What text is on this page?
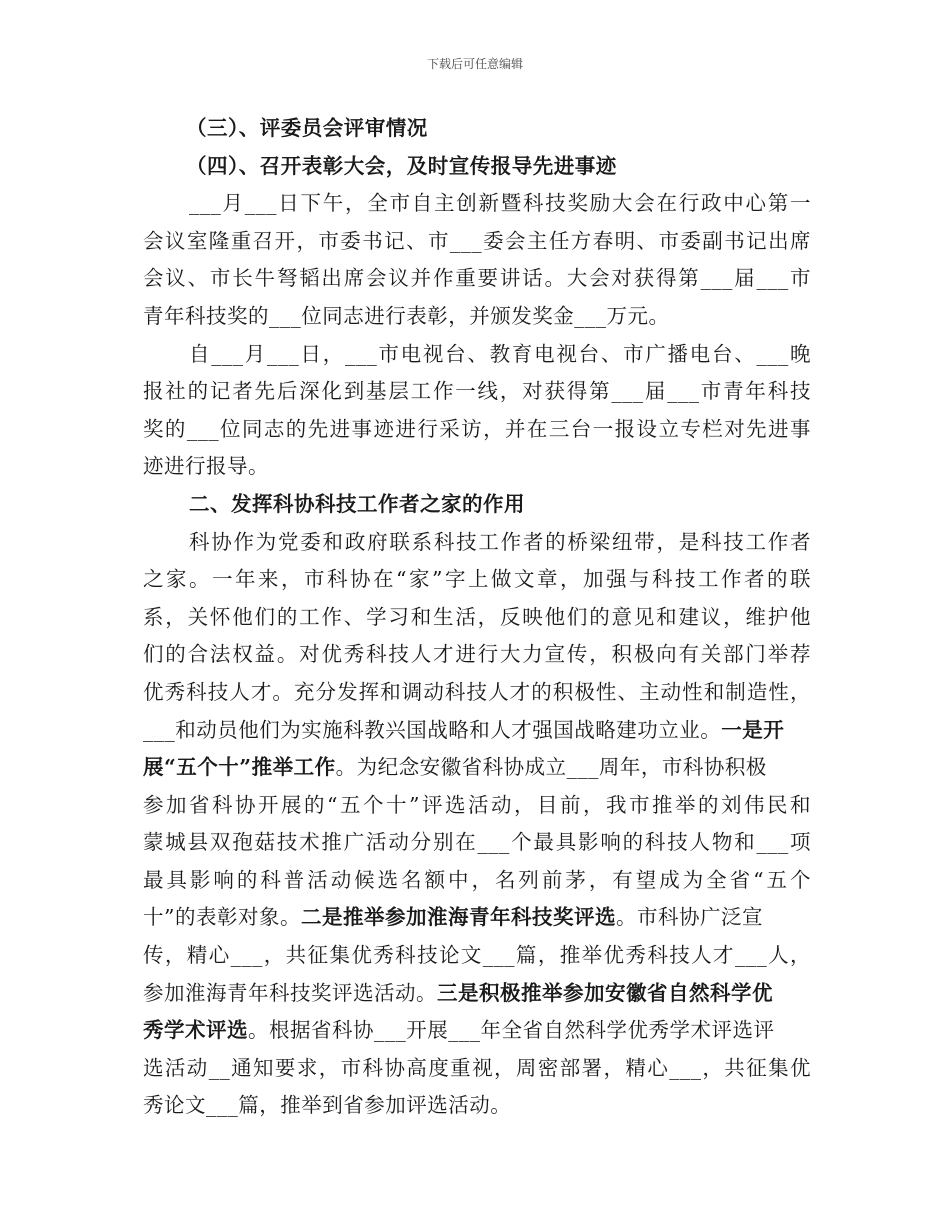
下载后可任意编辑
（三）、评委员会评审情况
（四）、召开表彰大会，及时宣传报导先进事迹
___月___日下午，全市自主创新暨科技奖励大会在行政中心第一
会议室隆重召开，市委书记、市___委会主任方春明、市委副书记出席
会议、市长牛弩韬出席会议并作重要讲话。大会对获得第___届___市
青年科技奖的___位同志进行表彰，并颁发奖金___万元。
自___月___日，___市电视台、教育电视台、市广播电台、___晚
报社的记者先后深化到基层工作一线，对获得第___届___市青年科技
奖的___位同志的先进事迹进行采访，并在三台一报设立专栏对先进事
迹进行报导。
二、发挥科协科技工作者之家的作用
科协作为党委和政府联系科技工作者的桥梁纽带，是科技工作者
之家。一年来，市科协在“家”字上做文章，加强与科技工作者的联
系，关怀他们的工作、学习和生活，反映他们的意见和建议，维护他
们的合法权益。对优秀科技人才进行大力宣传，积极向有关部门举荐
优秀科技人才。充分发挥和调动科技人才的积极性、主动性和制造性，
___和动员他们为实施科教兴国战略和人才强国战略建功立业。一是开
展“五个十”推举工作。为纪念安徽省科协成立___周年，市科协积极
参加省科协开展的“五个十”评选活动，目前，我市推举的刘伟民和
蒙城县双孢菇技术推广活动分别在___个最具影响的科技人物和___项
最具影响的科普活动候选名额中，名列前茅，有望成为全省“五个
十”的表彰对象。二是推举参加淮海青年科技奖评选。市科协广泛宣
传，精心___，共征集优秀科技论文___篇，推举优秀科技人才___人，
参加淮海青年科技奖评选活动。三是积极推举参加安徽省自然科学优
秀学术评选。根据省科协___开展___年全省自然科学优秀学术评选评
选活动__通知要求，市科协高度重视，周密部署，精心___，共征集优
秀论文___篇，推举到省参加评选活动。
